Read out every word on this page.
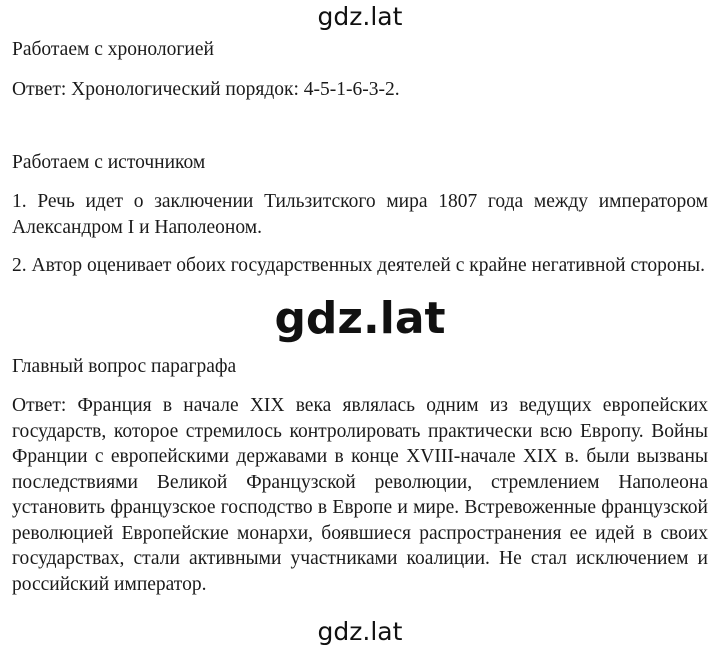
gdz.lat

Работаем с хронологией

Ответ: Хронологический порядок: 4-5-1-6-3-2.

Работаем с источником

1. Речь идет о заключении Тильзитского мира 1807 года между императором Александром I и Наполеоном.

2. Автор оценивает обоих государственных деятелей с крайне негативной стороны.

gdz.lat

Главный вопрос параграфа

Ответ: Франция в начале XIX века являлась одним из ведущих европейских государств, которое стремилось контролировать практически всю Европу. Войны Франции с европейскими державами в конце XVIII-начале XIX в. были вызваны последствиями Великой Французской революции, стремлением Наполеона установить французское господство в Европе и мире. Встревоженные французской революцией Европейские монархи, боявшиеся распространения ее идей в своих государствах, стали активными участниками коалиции. Не стал исключением и российский император.

gdz.lat
